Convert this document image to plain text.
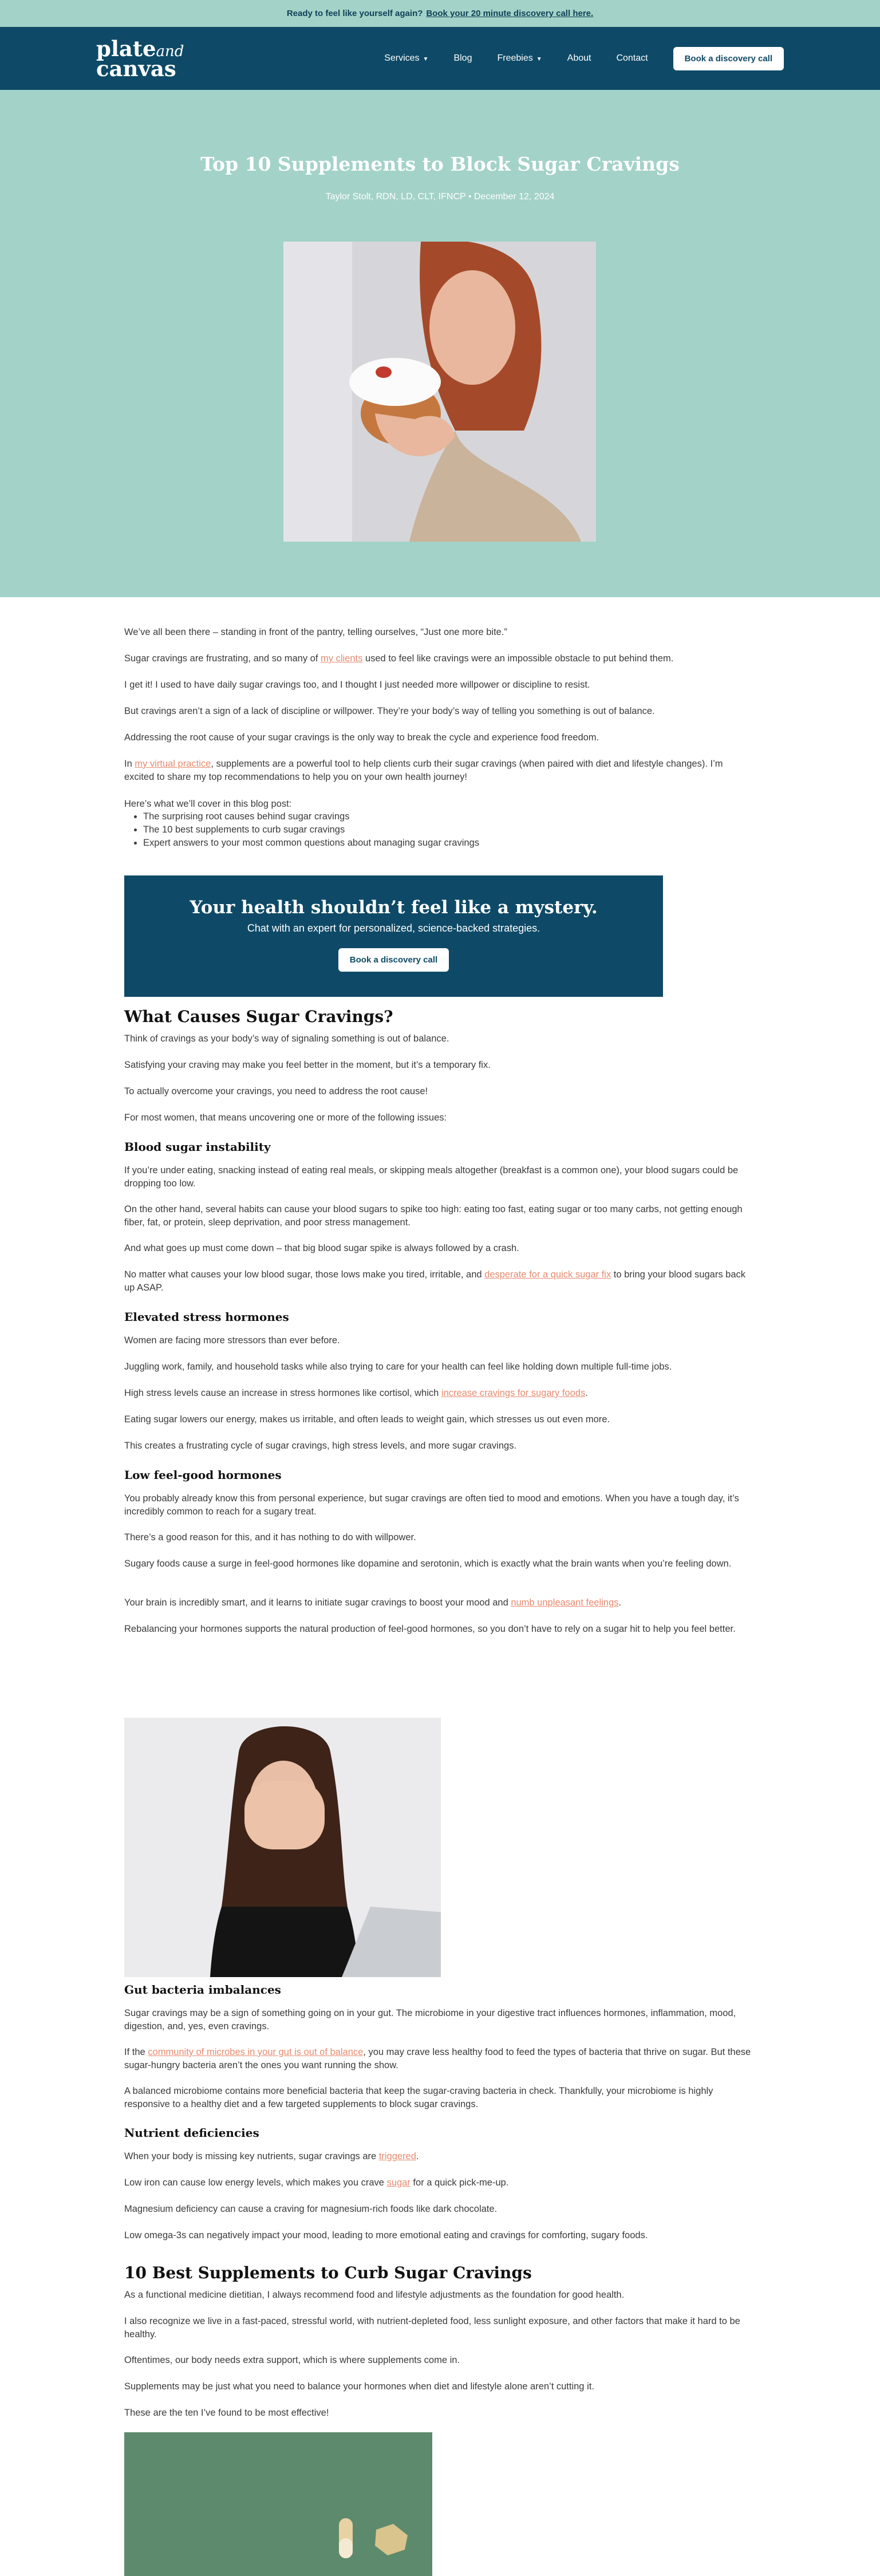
Ready to feel like yourself again? Book your 20 minute discovery call here.
plateand
canvas	Services ▼	Blog	Freebies ▼	About	Contact	Book a discovery call
Top 10 Supplements to Block Sugar Cravings
Taylor Stolt, RDN, LD, CLT, IFNCP • December 12, 2024
We’ve all been there – standing in front of the pantry, telling ourselves, “Just one more bite.”
Sugar cravings are frustrating, and so many of my clients used to feel like cravings were an impossible obstacle to put behind them.
I get it! I used to have daily sugar cravings too, and I thought I just needed more willpower or discipline to resist.
But cravings aren’t a sign of a lack of discipline or willpower. They’re your body’s way of telling you something is out of balance.
Addressing the root cause of your sugar cravings is the only way to break the cycle and experience food freedom.
In my virtual practice, supplements are a powerful tool to help clients curb their sugar cravings (when paired with diet and lifestyle changes). I’m excited to share my top recommendations to help you on your own health journey!
Here’s what we’ll cover in this blog post:
• The surprising root causes behind sugar cravings
• The 10 best supplements to curb sugar cravings
• Expert answers to your most common questions about managing sugar cravings
Your health shouldn’t feel like a mystery.
Chat with an expert for personalized, science-backed strategies.
Book a discovery call
What Causes Sugar Cravings?
Think of cravings as your body’s way of signaling something is out of balance.
Satisfying your craving may make you feel better in the moment, but it’s a temporary fix.
To actually overcome your cravings, you need to address the root cause!
For most women, that means uncovering one or more of the following issues:
Blood sugar instability
If you’re under eating, snacking instead of eating real meals, or skipping meals altogether (breakfast is a common one), your blood sugars could be dropping too low.
On the other hand, several habits can cause your blood sugars to spike too high: eating too fast, eating sugar or too many carbs, not getting enough fiber, fat, or protein, sleep deprivation, and poor stress management.
And what goes up must come down – that big blood sugar spike is always followed by a crash.
No matter what causes your low blood sugar, those lows make you tired, irritable, and desperate for a quick sugar fix to bring your blood sugars back up ASAP.
Elevated stress hormones
Women are facing more stressors than ever before.
Juggling work, family, and household tasks while also trying to care for your health can feel like holding down multiple full-time jobs.
High stress levels cause an increase in stress hormones like cortisol, which increase cravings for sugary foods.
Eating sugar lowers our energy, makes us irritable, and often leads to weight gain, which stresses us out even more.
This creates a frustrating cycle of sugar cravings, high stress levels, and more sugar cravings.
Low feel-good hormones
You probably already know this from personal experience, but sugar cravings are often tied to mood and emotions. When you have a tough day, it’s incredibly common to reach for a sugary treat.
There’s a good reason for this, and it has nothing to do with willpower.
Sugary foods cause a surge in feel-good hormones like dopamine and serotonin, which is exactly what the brain wants when you’re feeling down.
Your brain is incredibly smart, and it learns to initiate sugar cravings to boost your mood and numb unpleasant feelings.
Rebalancing your hormones supports the natural production of feel-good hormones, so you don’t have to rely on a sugar hit to help you feel better.
Gut bacteria imbalances
Sugar cravings may be a sign of something going on in your gut. The microbiome in your digestive tract influences hormones, inflammation, mood, digestion, and, yes, even cravings.
If the community of microbes in your gut is out of balance, you may crave less healthy food to feed the types of bacteria that thrive on sugar. But these sugar-hungry bacteria aren’t the ones you want running the show.
A balanced microbiome contains more beneficial bacteria that keep the sugar-craving bacteria in check. Thankfully, your microbiome is highly responsive to a healthy diet and a few targeted supplements to block sugar cravings.
Nutrient deficiencies
When your body is missing key nutrients, sugar cravings are triggered.
Low iron can cause low energy levels, which makes you crave sugar for a quick pick-me-up.
Magnesium deficiency can cause a craving for magnesium-rich foods like dark chocolate.
Low omega-3s can negatively impact your mood, leading to more emotional eating and cravings for comforting, sugary foods.
10 Best Supplements to Curb Sugar Cravings
As a functional medicine dietitian, I always recommend food and lifestyle adjustments as the foundation for good health.
I also recognize we live in a fast-paced, stressful world, with nutrient-depleted food, less sunlight exposure, and other factors that make it hard to be healthy.
Oftentimes, our body needs extra support, which is where supplements come in.
Supplements may be just what you need to balance your hormones when diet and lifestyle alone aren’t cutting it.
These are the ten I’ve found to be most effective!
